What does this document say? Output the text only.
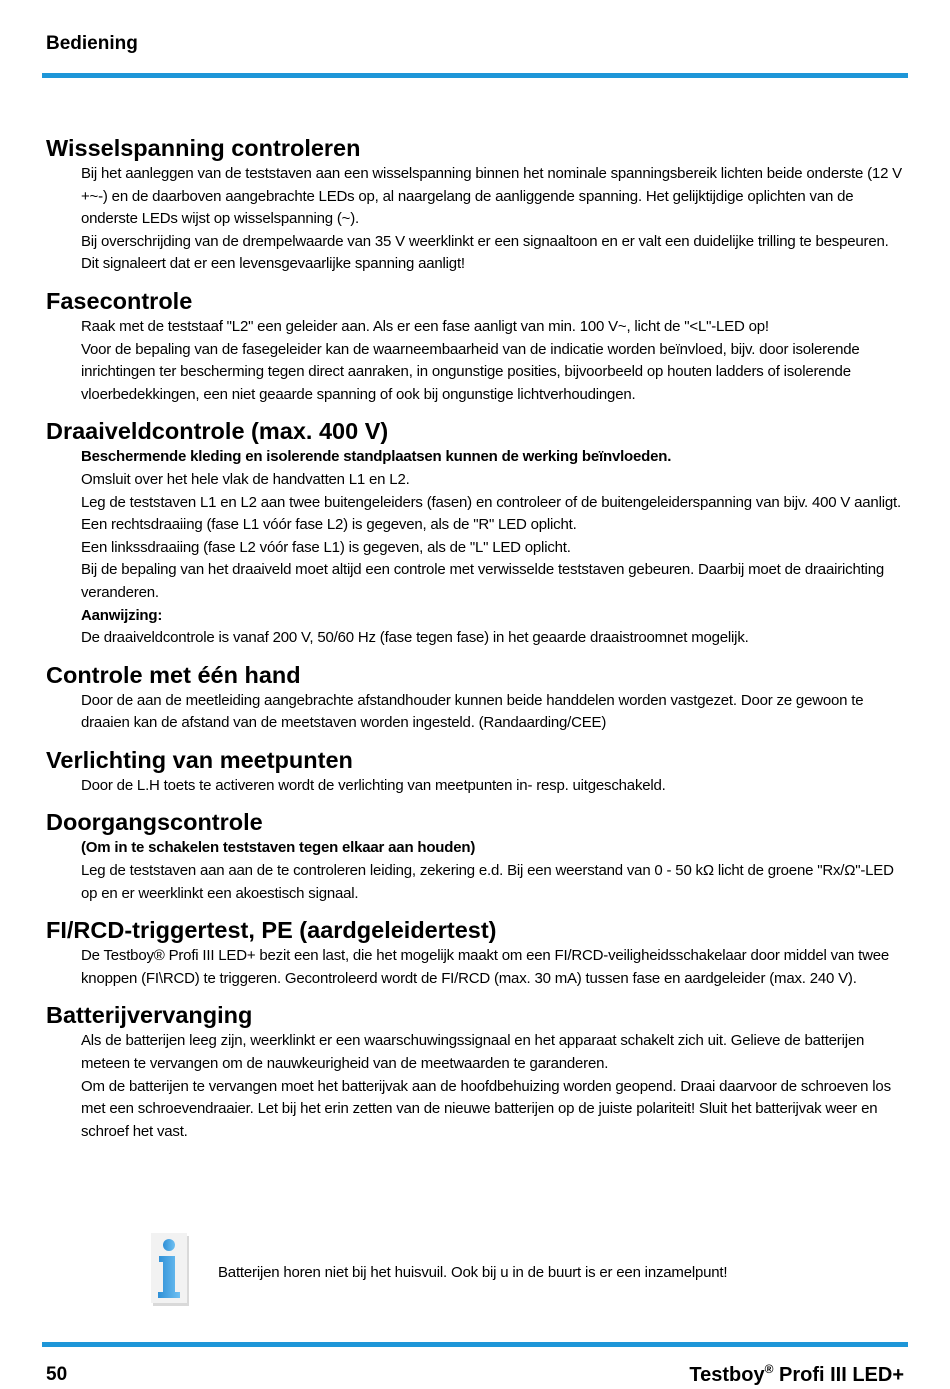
Bediening
Wisselspanning controleren

Bij het aanleggen van de teststaven aan een wisselspanning binnen het nominale spanningsbereik lichten beide onderste (12 V +~-) en de daarboven aangebrachte LEDs op, al naargelang de aanliggende spanning. Het gelijktijdige oplichten van de onderste LEDs wijst op wisselspanning (~).

Bij overschrijding van de drempelwaarde van 35 V weerklinkt er een signaaltoon en er valt een duidelijke trilling te bespeuren. Dit signaleert dat er een levensgevaarlijke spanning aanligt!

Fasecontrole

Raak met de teststaaf "L2" een geleider aan. Als er een fase aanligt van min. 100 V~, licht de "<L"-LED op!

Voor de bepaling van de fasegeleider kan de waarneembaarheid van de indicatie worden beïnvloed, bijv. door isolerende inrichtingen ter bescherming tegen direct aanraken, in ongunstige posities, bijvoorbeeld op houten ladders of isolerende vloerbedekkingen, een niet geaarde spanning of ook bij ongunstige lichtverhoudingen.

Draaiveldcontrole (max. 400 V)

Beschermende kleding en isolerende standplaatsen kunnen de werking beïnvloeden.

Omsluit over het hele vlak de handvatten L1 en L2.

Leg de teststaven L1 en L2 aan twee buitengeleiders (fasen) en controleer of de buitengeleiderspanning van bijv. 400 V aanligt.

Een rechtsdraaiing (fase L1 vóór fase L2) is gegeven, als de "R" LED oplicht.

Een linkssdraaiing (fase L2 vóór fase L1) is gegeven, als de "L" LED oplicht.

Bij de bepaling van het draaiveld moet altijd een controle met verwisselde teststaven gebeuren. Daarbij moet de draairichting veranderen.

Aanwijzing:

De draaiveldcontrole is vanaf 200 V, 50/60 Hz (fase tegen fase) in het geaarde draaistroomnet mogelijk.

Controle met één hand

Door de aan de meetleiding aangebrachte afstandhouder kunnen beide handdelen worden vastgezet. Door ze gewoon te draaien kan de afstand van de meetstaven worden ingesteld. (Randaarding/CEE)

Verlichting van meetpunten

Door de L.H toets te activeren wordt de verlichting van meetpunten in- resp. uitgeschakeld.

Doorgangscontrole

(Om in te schakelen teststaven tegen elkaar aan houden)

Leg de teststaven aan aan de te controleren leiding, zekering e.d. Bij een weerstand van 0 - 50 kΩ licht de groene "Rx/Ω"-LED op en er weerklinkt een akoestisch signaal.

FI/RCD-triggertest, PE (aardgeleidertest)

De Testboy® Profi III LED+ bezit een last, die het mogelijk maakt om een FI/RCD-veiligheidsschakelaar door middel van twee knoppen (FI\RCD) te triggeren. Gecontroleerd wordt de FI/RCD (max. 30 mA) tussen fase en aardgeleider (max. 240 V).

Batterijvervanging

Als de batterijen leeg zijn, weerklinkt er een waarschuwingssignaal en het apparaat schakelt zich uit. Gelieve de batterijen meteen te vervangen om de nauwkeurigheid van de meetwaarden te garanderen.

Om de batterijen te vervangen moet het batterijvak aan de hoofdbehuizing worden geopend. Draai daarvoor de schroeven los met een schroevendraaier. Let bij het erin zetten van de nieuwe batterijen op de juiste polariteit! Sluit het batterijvak weer en schroef het vast.

Batterijen horen niet bij het huisvuil. Ook bij u in de buurt is er een inzamelpunt!
50	Testboy® Profi III LED+
